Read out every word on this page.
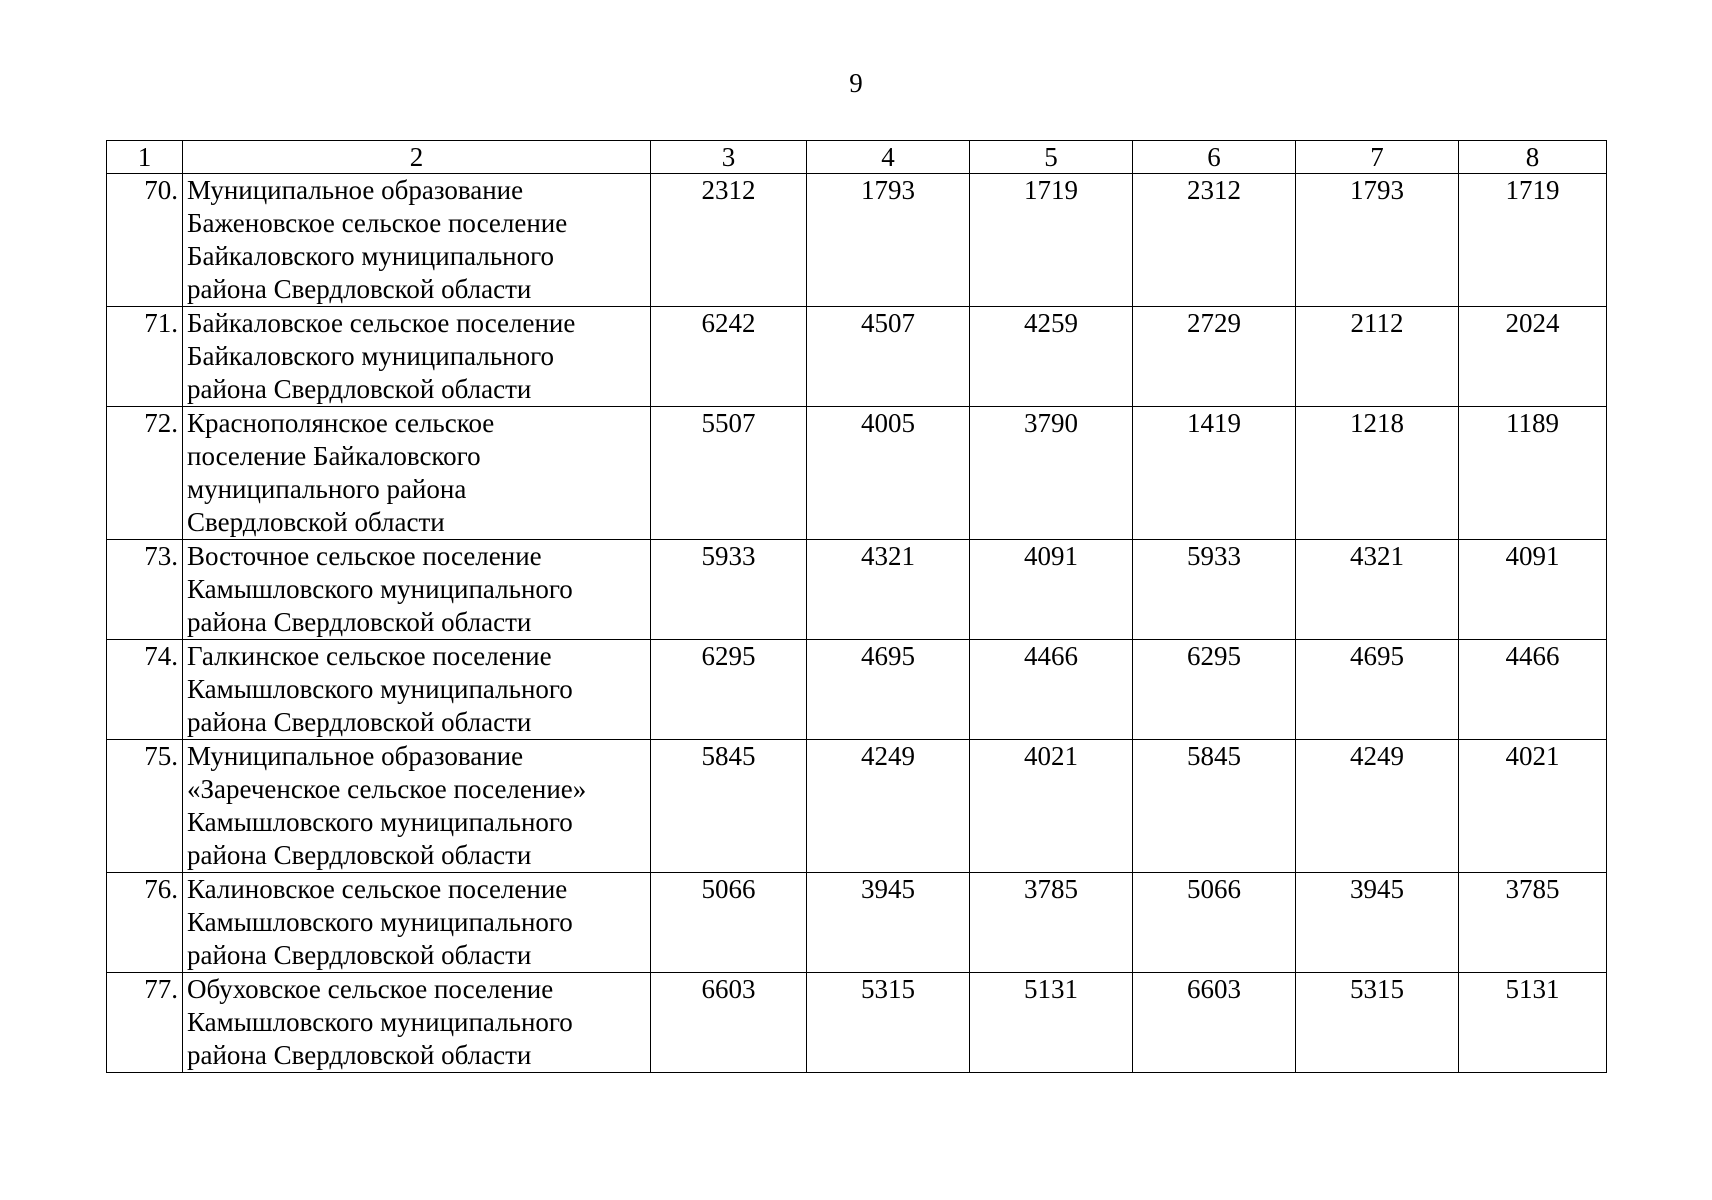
9
1	2	3	4	5	6	7	8
70.	Муниципальное образование
Баженовское сельское поселение
Байкаловского муниципального
района Свердловской области	2312	1793	1719	2312	1793	1719
71.	Байкаловское сельское поселение
Байкаловского муниципального
района Свердловской области	6242	4507	4259	2729	2112	2024
72.	Краснополянское сельское
поселение Байкаловского
муниципального района
Свердловской области	5507	4005	3790	1419	1218	1189
73.	Восточное сельское поселение
Камышловского муниципального
района Свердловской области	5933	4321	4091	5933	4321	4091
74.	Галкинское сельское поселение
Камышловского муниципального
района Свердловской области	6295	4695	4466	6295	4695	4466
75.	Муниципальное образование
«Зареченское сельское поселение»
Камышловского муниципального
района Свердловской области	5845	4249	4021	5845	4249	4021
76.	Калиновское сельское поселение
Камышловского муниципального
района Свердловской области	5066	3945	3785	5066	3945	3785
77.	Обуховское сельское поселение
Камышловского муниципального
района Свердловской области	6603	5315	5131	6603	5315	5131
